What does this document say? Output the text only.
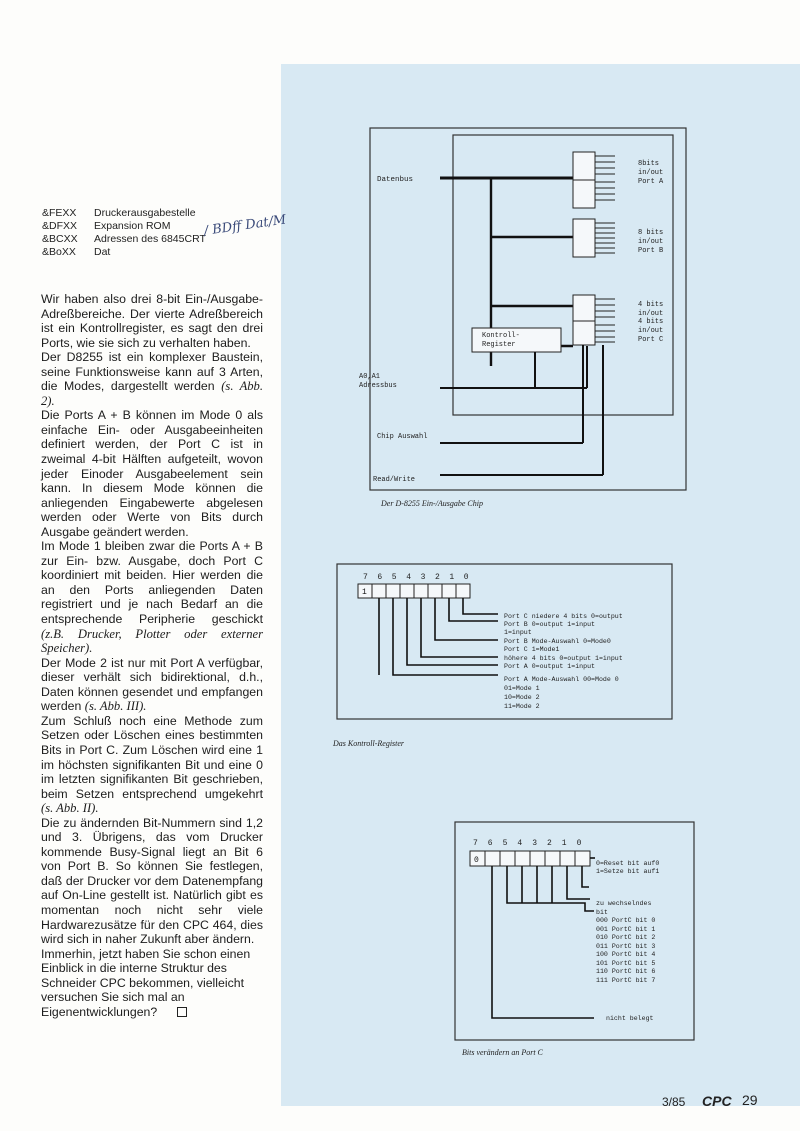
&FEXX	Druckerausgabestelle
&DFXX	Expansion ROM
&BCXX	Adressen des 6845CRT
&BoXX	Dat
/ BDff Dat/M

Wir haben also drei 8-bit Ein-/Ausgabe-Adreßbereiche. Der vierte Adreßbereich ist ein Kontrollregister, es sagt den drei Ports, wie sie sich zu verhalten haben.

Der D8255 ist ein komplexer Baustein, seine Funktionsweise kann auf 3 Arten, die Modes, dargestellt werden (s. Abb. 2).

Die Ports A + B können im Mode 0 als einfache Ein- oder Ausgabeeinheiten definiert werden, der Port C ist in zweimal 4-bit Hälften aufgeteilt, wovon jeder Einoder Ausgabeelement sein kann. In diesem Mode können die anliegenden Eingabewerte abgelesen werden oder Werte von Bits durch Ausgabe geändert werden.

Im Mode 1 bleiben zwar die Ports A + B zur Ein- bzw. Ausgabe, doch Port C koordiniert mit beiden. Hier werden die an den Ports anliegenden Daten registriert und je nach Bedarf an die entsprechende Peripherie geschickt (z.B. Drucker, Plotter oder externer Speicher).

Der Mode 2 ist nur mit Port A verfügbar, dieser verhält sich bidirektional, d.h., Daten können gesendet und empfangen werden (s. Abb. III).

Zum Schluß noch eine Methode zum Setzen oder Löschen eines bestimmten Bits in Port C. Zum Löschen wird eine 1 im höchsten signifikanten Bit und eine 0 im letzten signifikanten Bit geschrieben, beim Setzen entsprechend umgekehrt (s. Abb. II).

Die zu ändernden Bit-Nummern sind 1,2 und 3. Übrigens, das vom Drucker kommende Busy-Signal liegt an Bit 6 von Port B. So können Sie festlegen, daß der Drucker vor dem Datenempfang auf On-Line gestellt ist. Natürlich gibt es momentan noch nicht sehr viele Hardwarezusätze für den CPC 464, dies wird sich in naher Zukunft aber ändern.

Immerhin, jetzt haben Sie schon einen Einblick in die interne Struktur des Schneider CPC bekommen, vielleicht versuchen Sie sich mal an Eigenentwicklungen?

Datenbus
8bits
in/out
Port A
8 bits
in/out
Port B
4 bits
in/out
4 bits
in/out
Port C
Kontroll-
Register
A0,A1
Adressbus
Chip Auswahl
Read/Write
Der D-8255 Ein-/Ausgabe Chip
7 6 5 4 3 2 1 0
1
Port C niedere 4 bits 0=output
Port B 0=output 1=input
1=input
Port B Mode-Auswahl 0=Mode0
Port C 1=Mode1
höhere 4 bits 0=output 1=input
Port A 0=output 1=input
Port A Mode-Auswahl 00=Mode 0
01=Mode 1
10=Mode 2
11=Mode 2
Das Kontroll-Register
7 6 5 4 3 2 1 0
0	0=Reset bit auf0
1=Setze bit auf1
zu wechselndes
bit
000 PortC bit 0
001 PortC bit 1
010 PortC bit 2
011 PortC bit 3
100 PortC bit 4
101 PortC bit 5
110 PortC bit 6
111 PortC bit 7
nicht belegt
Bits verändern an Port C
3/85 CPC 29
